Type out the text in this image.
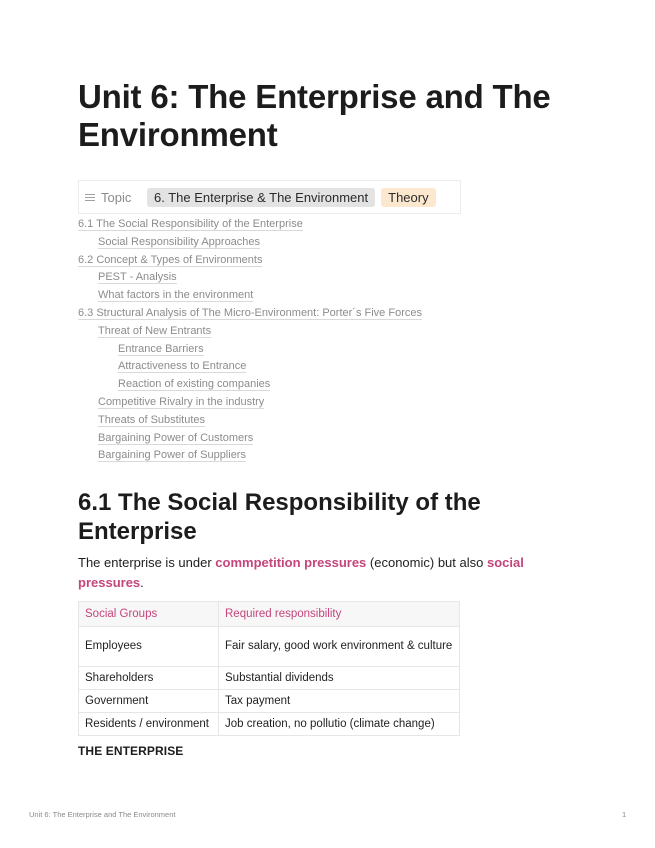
Unit 6: The Enterprise and The Environment
Topic	6. The Enterprise & The Environment	Theory
6.1 The Social Responsibility of the Enterprise
Social Responsibility Approaches
6.2 Concept & Types of Environments
PEST - Analysis
What factors in the environment
6.3 Structural Analysis of The Micro-Environment: Porter´s Five Forces
Threat of New Entrants
Entrance Barriers
Attractiveness to Entrance
Reaction of existing companies
Competitive Rivalry in the industry
Threats of Substitutes
Bargaining Power of Customers
Bargaining Power of Suppliers
6.1 The Social Responsibility of the Enterprise

The enterprise is under commpetition pressures (economic) but also social pressures.

Social Groups	Required responsibility
Employees	Fair salary, good work environment & culture
Shareholders	Substantial dividends
Government	Tax payment
Residents / environment	Job creation, no pollutio (climate change)
THE ENTERPRISE
Unit 6: The Enterprise and The Environment	1
